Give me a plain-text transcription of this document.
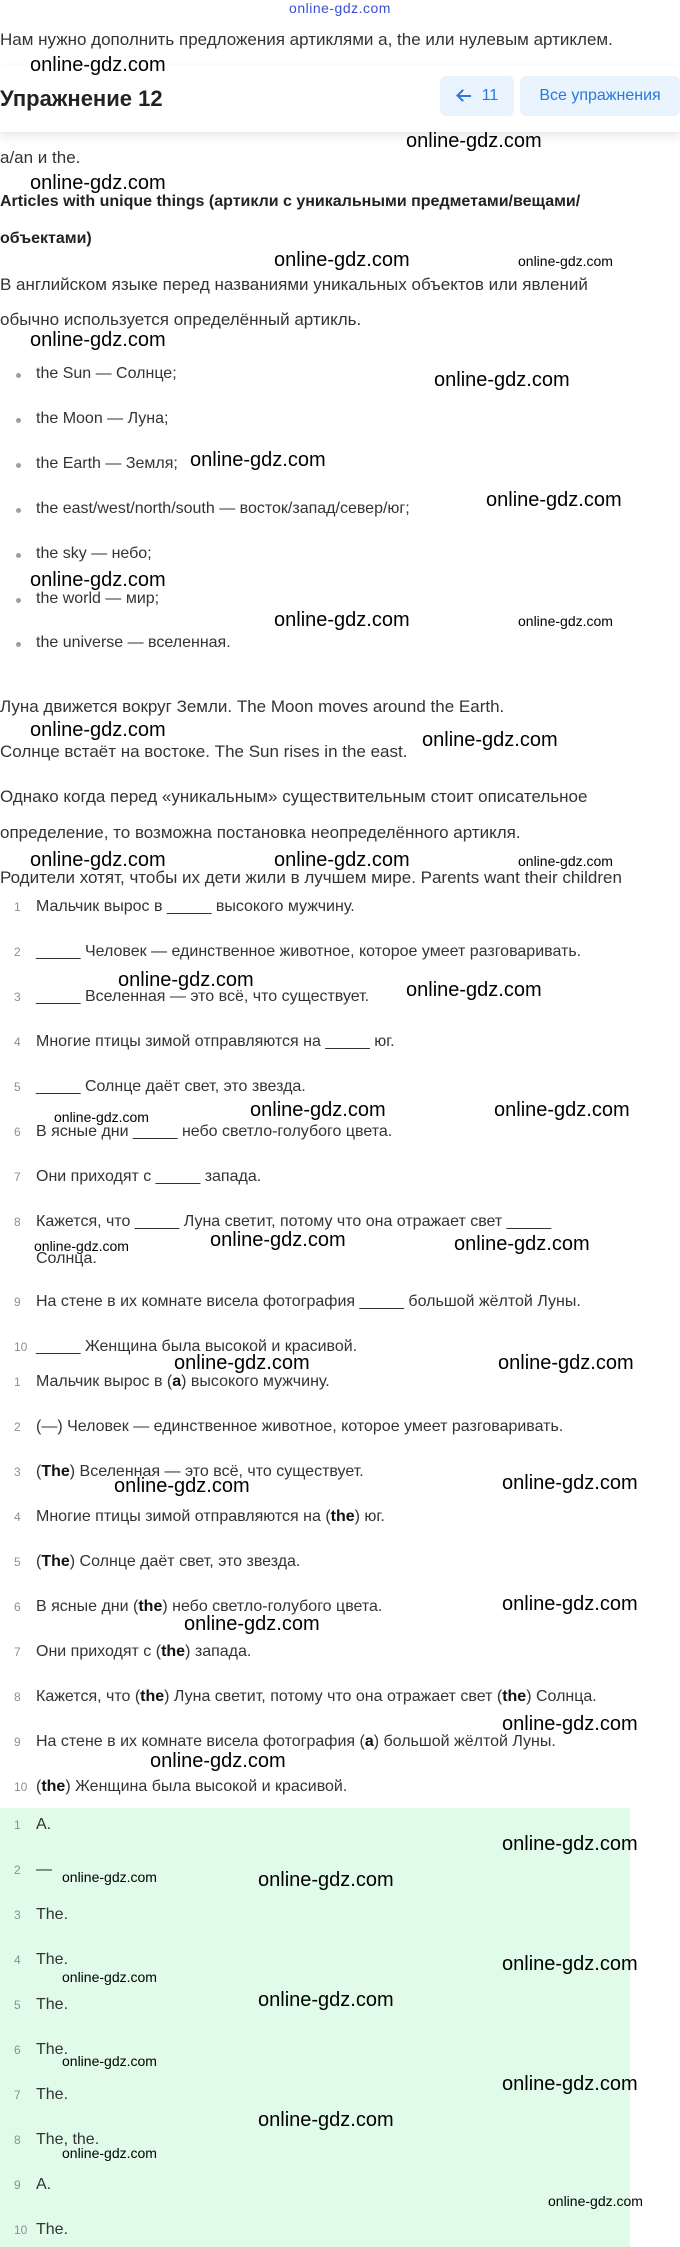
online-gdz.com
Нам нужно дополнить предложения артиклями a, the или нулевым артиклем.
a/an и the.
Упражнение 12	11	Все упражнения
Articles with unique things (артикли с уникальными предметами/вещами/
объектами)
В английском языке перед названиями уникальных объектов или явлений
обычно используется определённый артикль.
the Sun — Солнце;
the Moon — Луна;
the Earth — Земля;
the east/west/north/south — восток/запад/север/юг;
the sky — небо;
the world — мир;
the universe — вселенная.
Луна движется вокруг Земли. The Moon moves around the Earth.
Солнце встаёт на востоке. The Sun rises in the east.
Однако когда перед «уникальным» существительным стоит описательное
определение, то возможна постановка неопределённого артикля.
Родители хотят, чтобы их дети жили в лучшем мире. Parents want their children
1 Мальчик вырос в _____ высокого мужчину.
2 _____ Человек — единственное животное, которое умеет разговаривать.
3 _____ Вселенная — это всё, что существует.
4 Многие птицы зимой отправляются на _____ юг.
5 _____ Солнце даёт свет, это звезда.
6 В ясные дни _____ небо светло-голубого цвета.
7 Они приходят с _____ запада.
8 Кажется, что _____ Луна светит, потому что она отражает свет _____
Солнца.
9 На стене в их комнате висела фотография _____ большой жёлтой Луны.
10 _____ Женщина была высокой и красивой.
1 Мальчик вырос в (a) высокого мужчину.
2 (—) Человек — единственное животное, которое умеет разговаривать.
3 (The) Вселенная — это всё, что существует.
4 Многие птицы зимой отправляются на (the) юг.
5 (The) Солнце даёт свет, это звезда.
6 В ясные дни (the) небо светло-голубого цвета.
7 Они приходят с (the) запада.
8 Кажется, что (the) Луна светит, потому что она отражает свет (the) Солнца.
9 На стене в их комнате висела фотография (a) большой жёлтой Луны.
10 (the) Женщина была высокой и красивой.
1 A.
2 —
3 The.
4 The.
5 The.
6 The.
7 The.
8 The, the.
9 A.
10 The.
online-gdz.com
online-gdz.com
online-gdz.com
online-gdz.com	online-gdz.com
online-gdz.com
online-gdz.com
online-gdz.com
online-gdz.com
online-gdz.com
online-gdz.com	online-gdz.com
online-gdz.com	online-gdz.com
online-gdz.com	online-gdz.com	online-gdz.com
online-gdz.com	online-gdz.com
online-gdz.com	online-gdz.com	online-gdz.com
online-gdz.com	online-gdz.com	online-gdz.com
online-gdz.com	online-gdz.com
online-gdz.com	online-gdz.com
online-gdz.com
online-gdz.com
online-gdz.com
online-gdz.com
online-gdz.com
online-gdz.com	online-gdz.com
online-gdz.com
online-gdz.com
online-gdz.com
online-gdz.com
online-gdz.com
online-gdz.com
online-gdz.com
online-gdz.com
